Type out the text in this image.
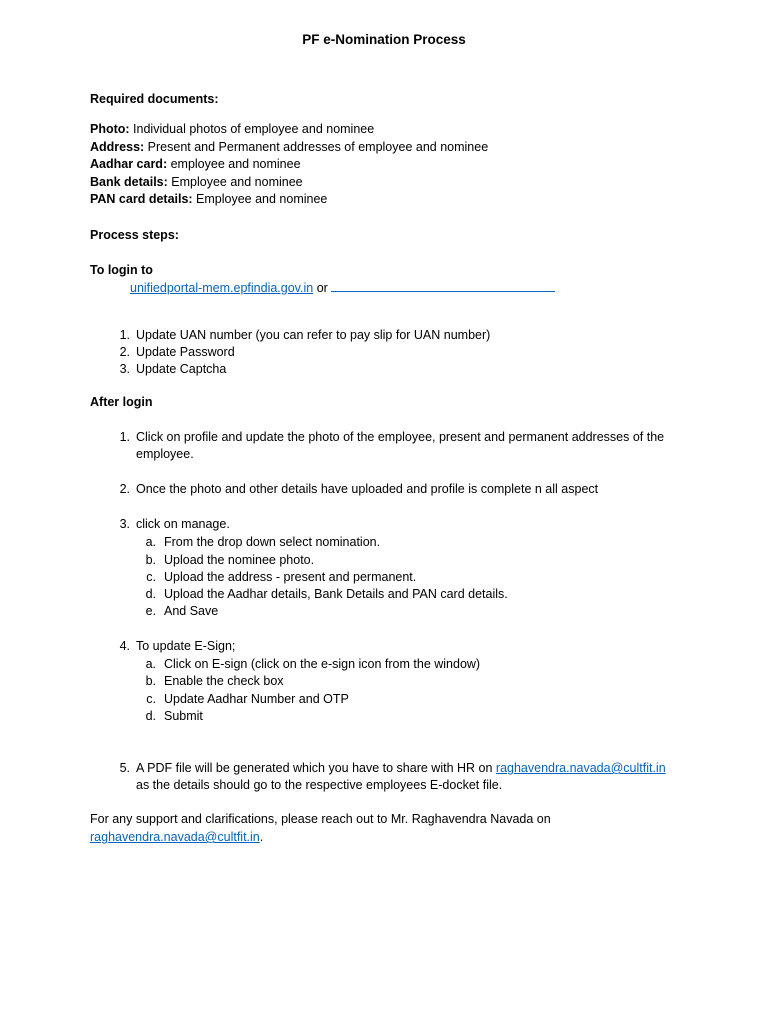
PF e-Nomination Process
Required documents:
Photo: Individual photos of employee and nominee
Address: Present and Permanent addresses of employee and nominee
Aadhar card: employee and nominee
Bank details: Employee and nominee
PAN card details: Employee and nominee
Process steps:
To login to
unifiedportal-mem.epfindia.gov.in or
1. Update UAN number (you can refer to pay slip for UAN number)
2. Update Password
3. Update Captcha
After login
1. Click on profile and update the photo of the employee, present and permanent addresses of the
employee.
2. Once the photo and other details have uploaded and profile is complete n all aspect
3. click on manage.
a. From the drop down select nomination.
b. Upload the nominee photo.
c. Upload the address - present and permanent.
d. Upload the Aadhar details, Bank Details and PAN card details.
e. And Save
4. To update E-Sign;
a. Click on E-sign (click on the e-sign icon from the window)
b. Enable the check box
c. Update Aadhar Number and OTP
d. Submit
5. A PDF file will be generated which you have to share with HR on raghavendra.navada@cultfit.in
as the details should go to the respective employees E-docket file.
For any support and clarifications, please reach out to Mr. Raghavendra Navada on
raghavendra.navada@cultfit.in.
